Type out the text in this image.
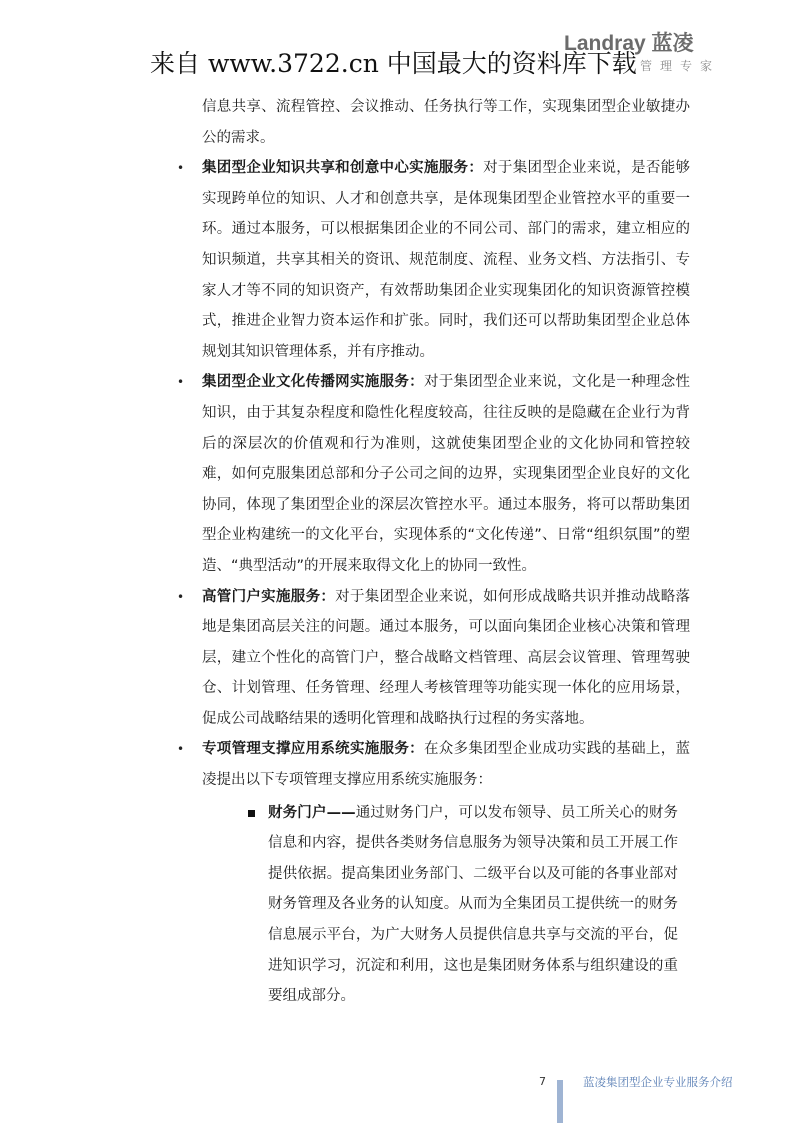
来自 www.3722.cn 中国最大的资料库下载
Landray 蓝凌
管理专家

信息共享、流程管控、会议推动、任务执行等工作，实现集团型企业敏捷办公的需求。

• 集团型企业知识共享和创意中心实施服务：对于集团型企业来说，是否能够实现跨单位的知识、人才和创意共享，是体现集团型企业管控水平的重要一环。通过本服务，可以根据集团企业的不同公司、部门的需求，建立相应的知识频道，共享其相关的资讯、规范制度、流程、业务文档、方法指引、专家人才等不同的知识资产，有效帮助集团企业实现集团化的知识资源管控模式，推进企业智力资本运作和扩张。同时，我们还可以帮助集团型企业总体规划其知识管理体系，并有序推动。

• 集团型企业文化传播网实施服务：对于集团型企业来说，文化是一种理念性知识，由于其复杂程度和隐性化程度较高，往往反映的是隐藏在企业行为背后的深层次的价值观和行为准则，这就使集团型企业的文化协同和管控较难，如何克服集团总部和分子公司之间的边界，实现集团型企业良好的文化协同，体现了集团型企业的深层次管控水平。通过本服务，将可以帮助集团型企业构建统一的文化平台，实现体系的“文化传递”、日常“组织氛围”的塑造、“典型活动”的开展来取得文化上的协同一致性。

• 高管门户实施服务：对于集团型企业来说，如何形成战略共识并推动战略落地是集团高层关注的问题。通过本服务，可以面向集团企业核心决策和管理层，建立个性化的高管门户，整合战略文档管理、高层会议管理、管理驾驶仓、计划管理、任务管理、经理人考核管理等功能实现一体化的应用场景，促成公司战略结果的透明化管理和战略执行过程的务实落地。

• 专项管理支撑应用系统实施服务：在众多集团型企业成功实践的基础上，蓝凌提出以下专项管理支撑应用系统实施服务：

财务门户——通过财务门户，可以发布领导、员工所关心的财务信息和内容，提供各类财务信息服务为领导决策和员工开展工作提供依据。提高集团业务部门、二级平台以及可能的各事业部对财务管理及各业务的认知度。从而为全集团员工提供统一的财务信息展示平台，为广大财务人员提供信息共享与交流的平台，促进知识学习，沉淀和利用，这也是集团财务体系与组织建设的重要组成部分。

7	蓝凌集团型企业专业服务介绍
